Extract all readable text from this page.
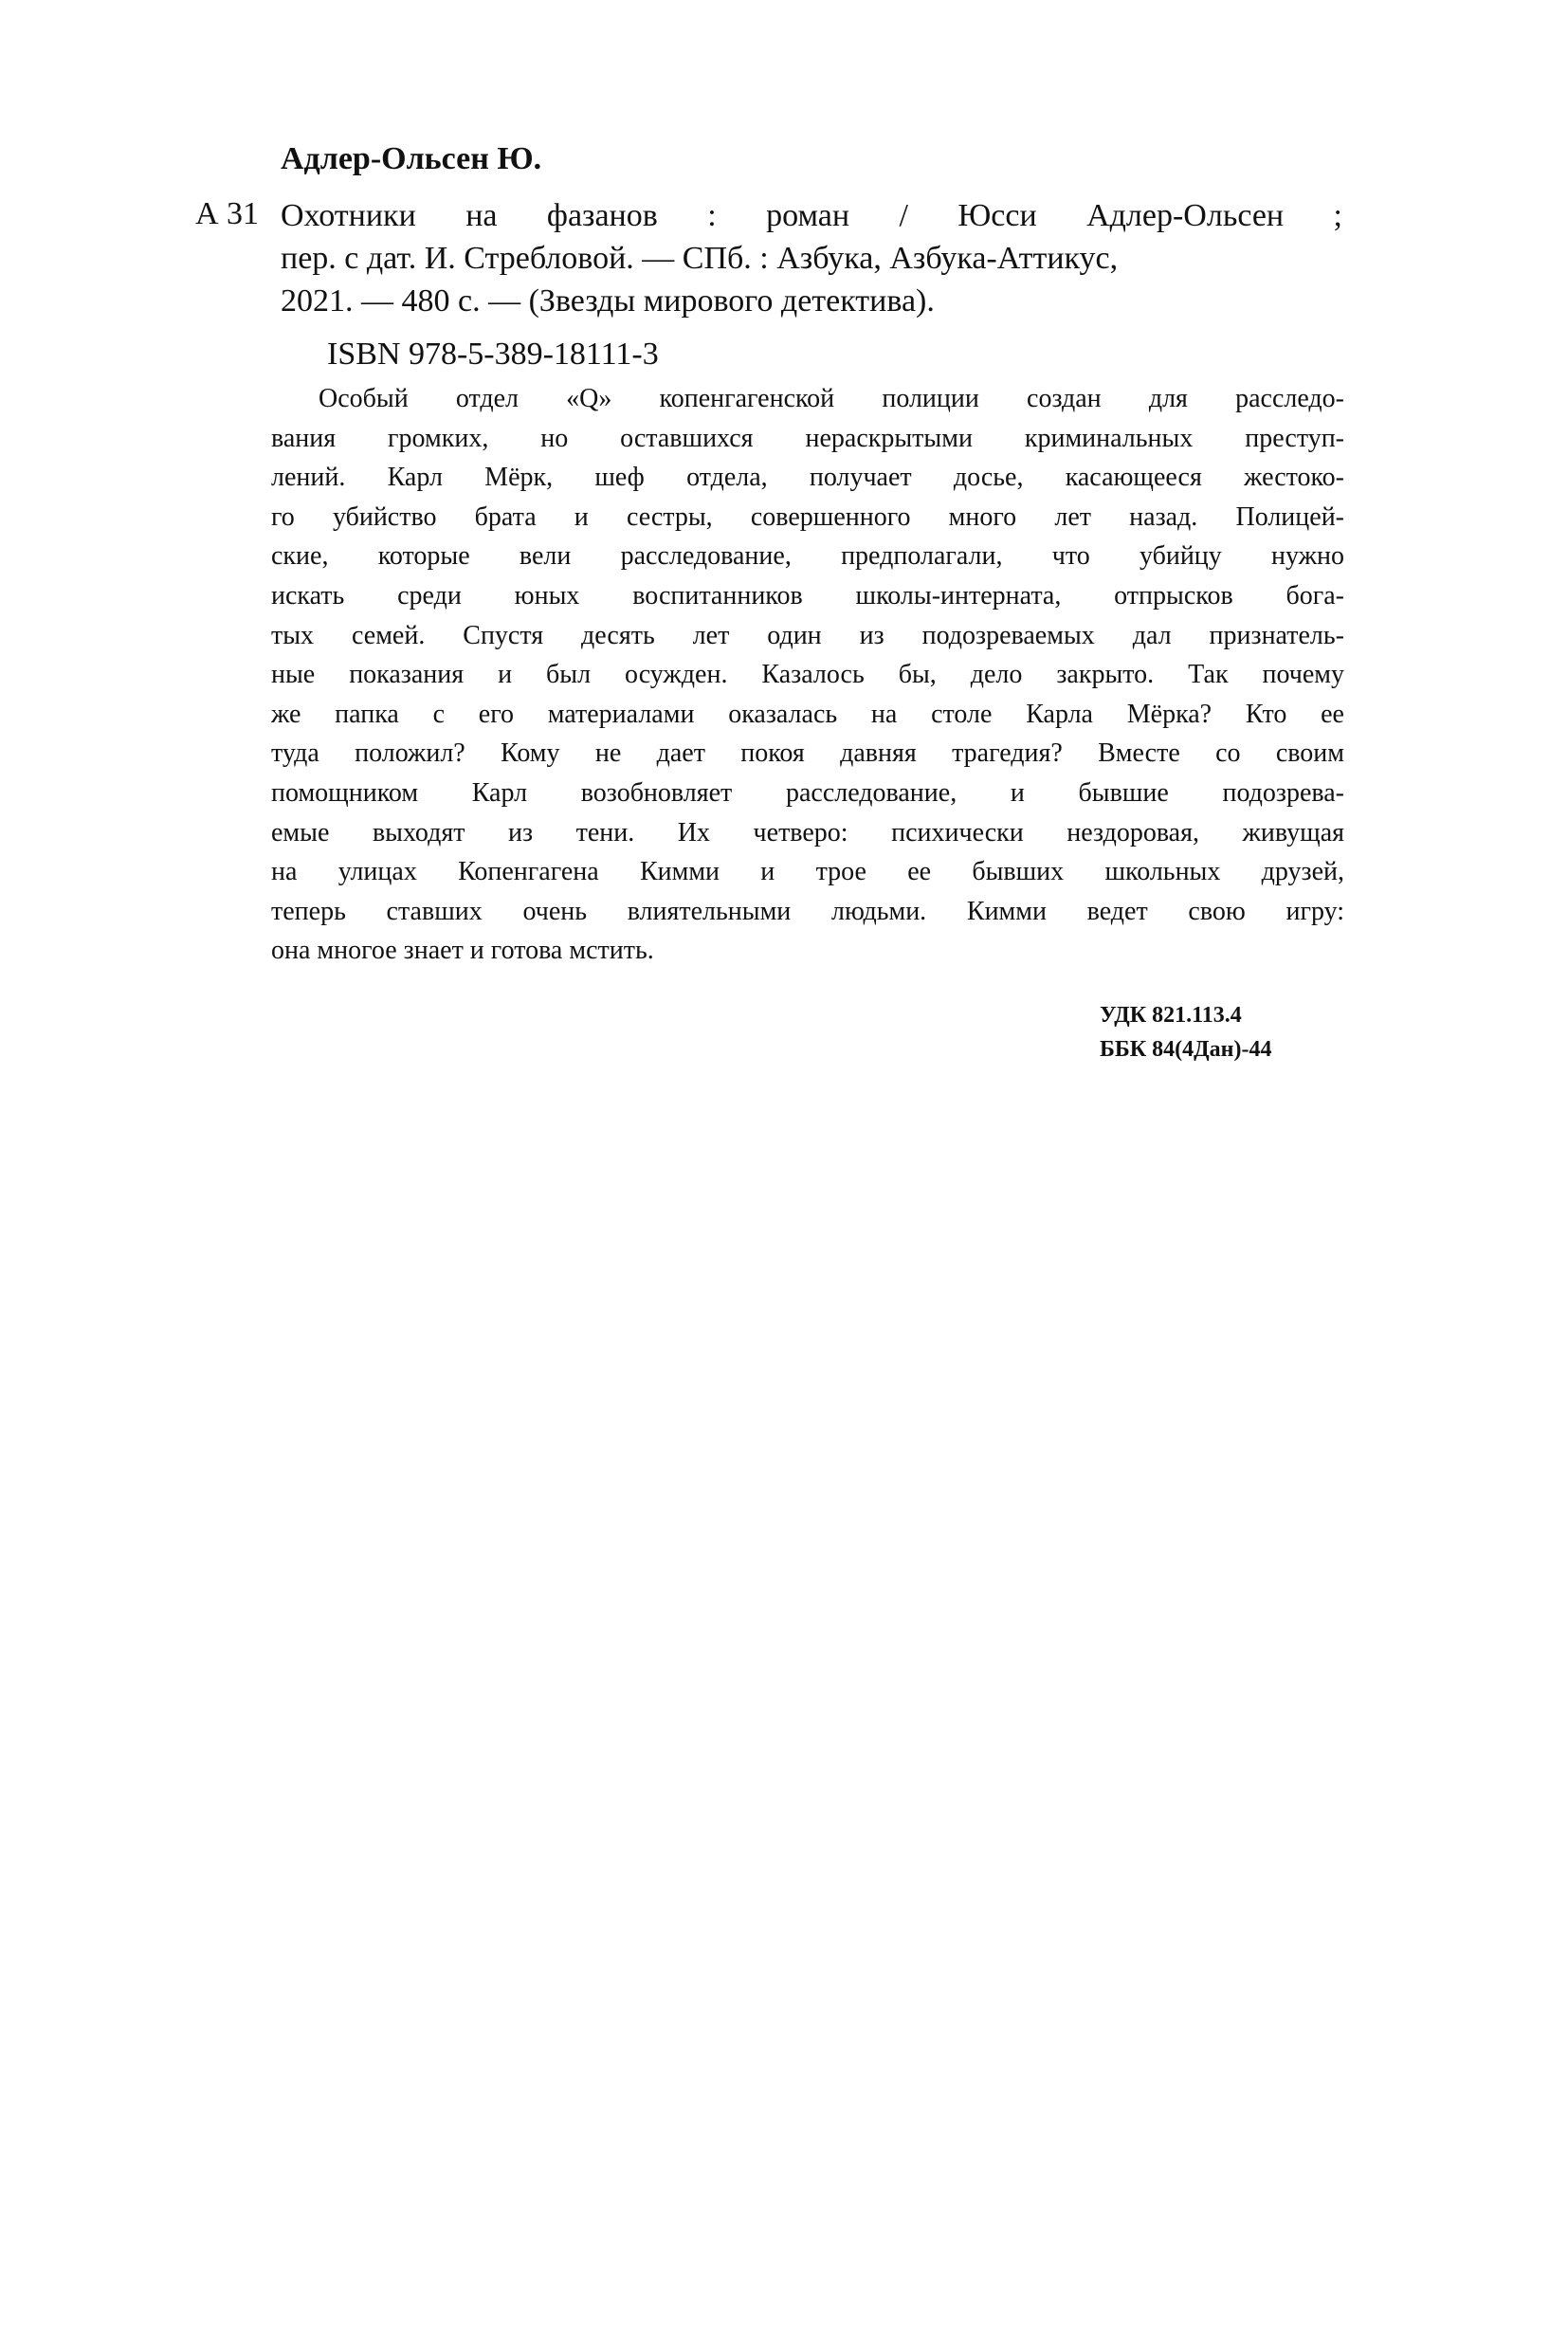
Адлер-Ольсен Ю.
А 31 Охотники на фазанов : роман / Юсси Адлер-Ольсен ;
пер. с дат. И. Стребловой. — СПб. : Азбука, Азбука-Аттикус,
2021. — 480 с. — (Звезды мирового детектива).
ISBN 978-5-389-18111-3
Особый отдел «Q» копенгагенской полиции создан для расследо-
вания громких, но оставшихся нераскрытыми криминальных преступ-
лений. Карл Мёрк, шеф отдела, получает досье, касающееся жестоко-
го убийство брата и сестры, совершенного много лет назад. Полицей-
ские, которые вели расследование, предполагали, что убийцу нужно
искать среди юных воспитанников школы-интерната, отпрысков бога-
тых семей. Спустя десять лет один из подозреваемых дал признатель-
ные показания и был осужден. Казалось бы, дело закрыто. Так почему
же папка с его материалами оказалась на столе Карла Мёрка? Кто ее
туда положил? Кому не дает покоя давняя трагедия? Вместе со своим
помощником Карл возобновляет расследование, и бывшие подозрева-
емые выходят из тени. Их четверо: психически нездоровая, живущая
на улицах Копенгагена Кимми и трое ее бывших школьных друзей,
теперь ставших очень влиятельными людьми. Кимми ведет свою игру:
она многое знает и готова мстить.
УДК 821.113.4
ББК 84(4Дан)-44
